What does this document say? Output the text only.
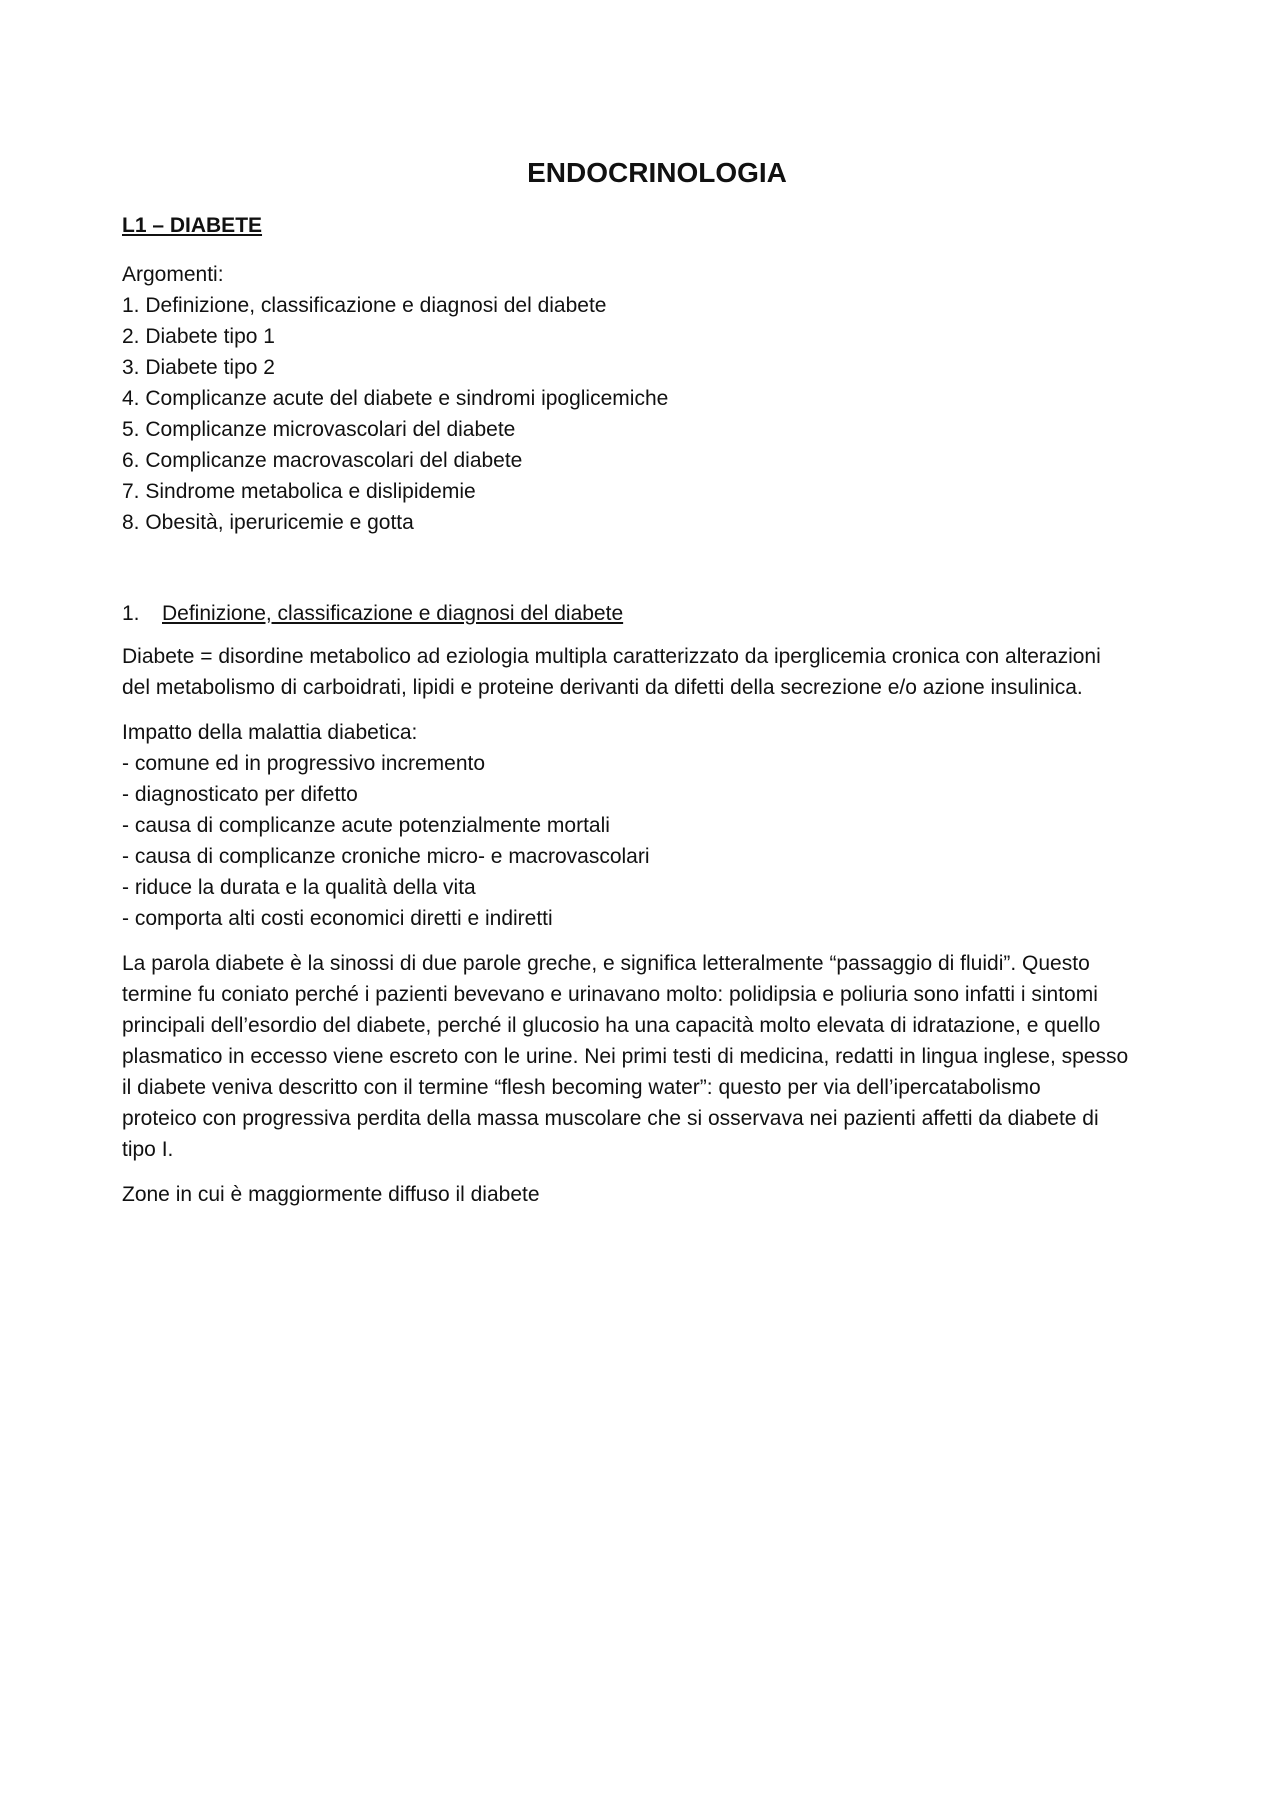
ENDOCRINOLOGIA
L1 – DIABETE
Argomenti:
1. Definizione, classificazione e diagnosi del diabete
2. Diabete tipo 1
3. Diabete tipo 2
4. Complicanze acute del diabete e sindromi ipoglicemiche
5. Complicanze microvascolari del diabete
6. Complicanze macrovascolari del diabete
7. Sindrome metabolica e dislipidemie
8. Obesità, iperuricemie e gotta
1.	Definizione, classificazione e diagnosi del diabete
Diabete = disordine metabolico ad eziologia multipla caratterizzato da iperglicemia cronica con alterazioni
del metabolismo di carboidrati, lipidi e proteine derivanti da difetti della secrezione e/o azione insulinica.
Impatto della malattia diabetica:
- comune ed in progressivo incremento
- diagnosticato per difetto
- causa di complicanze acute potenzialmente mortali
- causa di complicanze croniche micro- e macrovascolari
- riduce la durata e la qualità della vita
- comporta alti costi economici diretti e indiretti
La parola diabete è la sinossi di due parole greche, e significa letteralmente “passaggio di fluidi”. Questo
termine fu coniato perché i pazienti bevevano e urinavano molto: polidipsia e poliuria sono infatti i sintomi
principali dell’esordio del diabete, perché il glucosio ha una capacità molto elevata di idratazione, e quello
plasmatico in eccesso viene escreto con le urine. Nei primi testi di medicina, redatti in lingua inglese, spesso
il diabete veniva descritto con il termine “flesh becoming water”: questo per via dell’ipercatabolismo
proteico con progressiva perdita della massa muscolare che si osservava nei pazienti affetti da diabete di
tipo I.
Zone in cui è maggiormente diffuso il diabete
